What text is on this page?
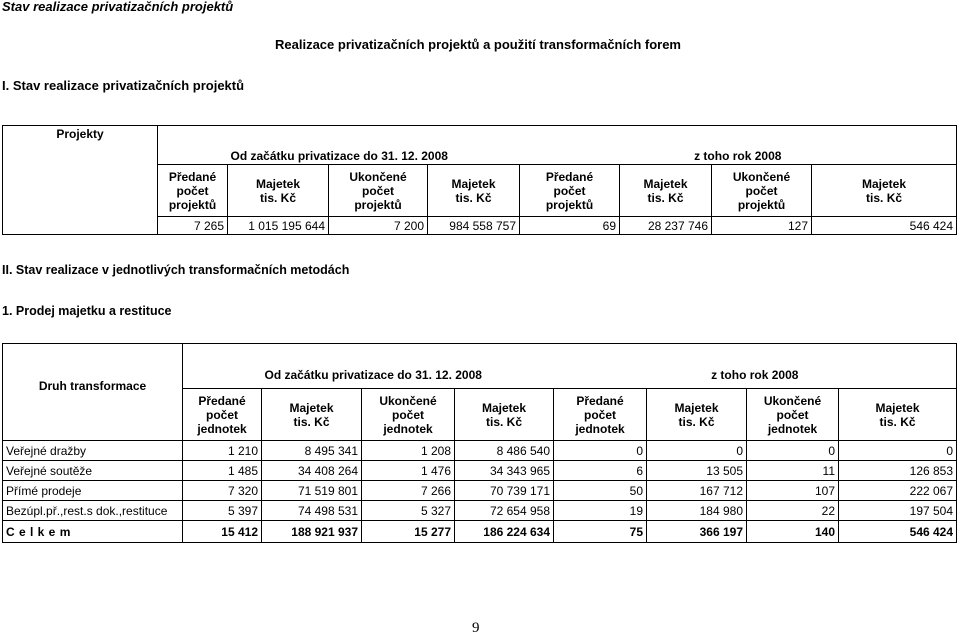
Stav realizace privatizačních projektů
Realizace privatizačních projektů a použití transformačních forem
I. Stav realizace privatizačních projektů
		Od začátku privatizace do 31. 12. 2008			z toho rok 2008			
Projekty	Předané
počet
projektů	Majetek
tis. Kč	Ukončené
počet
projektů	Majetek
tis. Kč	Předané
počet
projektů	Majetek
tis. Kč	Ukončené
počet
projektů	Majetek
tis. Kč
	7 265	1 015 195 644	7 200	984 558 757	69	28 237 746	127	546 424
II. Stav realizace v jednotlivých transformačních metodách
1. Prodej majetku a restituce
		Od začátku privatizace do 31. 12. 2008			z toho rok 2008			
Druh transformace	Předané
počet
jednotek	Majetek
tis. Kč	Ukončené
počet
jednotek	Majetek
tis. Kč	Předané
počet
jednotek	Majetek
tis. Kč	Ukončené
počet
jednotek	Majetek
tis. Kč
Veřejné dražby	1 210	8 495 341	1 208	8 486 540	0	0	0	0
Veřejné soutěže	1 485	34 408 264	1 476	34 343 965	6	13 505	11	126 853
Přímé prodeje	7 320	71 519 801	7 266	70 739 171	50	167 712	107	222 067
Bezúpl.př.,rest.s dok.,restituce	5 397	74 498 531	5 327	72 654 958	19	184 980	22	197 504
C e l k e m	15 412	188 921 937	15 277	186 224 634	75	366 197	140	546 424
9
